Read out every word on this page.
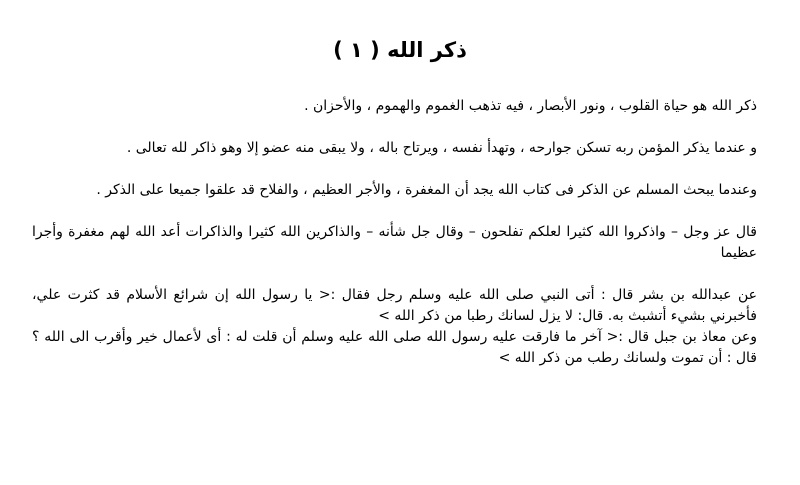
ذكر الله ( ١ )

ذكر الله هو حياة القلوب ، ونور الأبصار ، فيه تذهب الغموم والهموم ، والأحزان .

و عندما يذكر المؤمن ربه تسكن جوارحه ، وتهدأ نفسه ، ويرتاح باله ، ولا يبقى منه عضو إلا وهو ذاكر لله تعالى .

وعندما يبحث المسلم عن الذكر فى كتاب الله يجد أن المغفرة ، والأجر العظيم ، والفلاح قد علقوا جميعا على الذكر .

قال عز وجل – واذكروا الله كثيرا لعلكم تفلحون – وقال جل شأنه – والذاكرين الله كثيرا والذاكرات أعد الله لهم مغفرة وأجرا عظيما

عن عبدالله بن بشر قال : أتى النبي صلى الله عليه وسلم رجل فقال :< يا رسول الله إن شرائع الأسلام قد كثرت علي، فأخبرني بشيء أتشبث به. قال: لا يزل لسانك رطبا من ذكر الله >

وعن معاذ بن جبل قال :< آخر ما فارقت عليه رسول الله صلى الله عليه وسلم أن قلت له : أى لأعمال خير وأقرب الى الله ؟ قال : أن تموت ولسانك رطب من ذكر الله >
